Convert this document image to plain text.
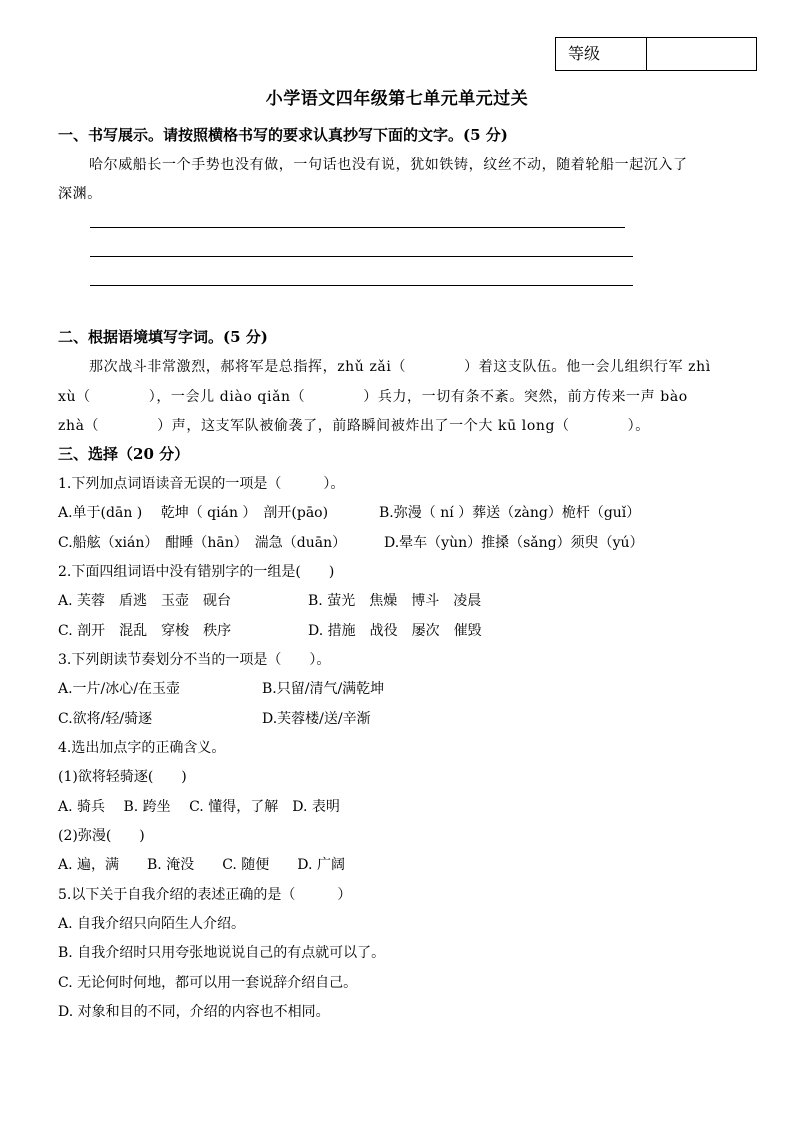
等级
小学语文四年级第七单元单元过关
一、书写展示。请按照横格书写的要求认真抄写下面的文字。(5 分)
哈尔威船长一个手势也没有做，一句话也没有说，犹如铁铸，纹丝不动，随着轮船一起沉入了
深渊。
二、根据语境填写字词。(5 分)
那次战斗非常激烈，郝将军是总指挥，zhǔ zǎi（	）着这支队伍。他一会儿组织行军 zhì
xù（	），一会儿 diào qiǎn（	）兵力，一切有条不紊。突然，前方传来一声 bào
zhà（	）声，这支军队被偷袭了，前路瞬间被炸出了一个大 kū long（	）。
三、选择（20 分）
1.下列加点词语读音无误的一项是（　　　）。
A.单于(dān )　 乾坤（ qián ）　剖开(pāo)	B.弥漫（ ní ）葬送（zàng）桅杆（guǐ）
C.船舷（xián）　酣睡（hān）　湍急（duān）	D.晕车（yùn）推搡（sǎng）须臾（yú）
2.下面四组词语中没有错别字的一组是(　　)
A. 芙蓉　盾逃　玉壶　砚台	B. 萤光　焦燥　博斗　凌晨
C. 剖开　混乱　穿梭　秩序	D. 措施　战役　屡次　催毁
3.下列朗读节奏划分不当的一项是（　　）。
A.一片/冰心/在玉壶	B.只留/清气/满乾坤
C.欲将/轻/骑逐	D.芙蓉楼/送/辛渐
4.选出加点字的正确含义。
(1)欲将轻骑逐(　　)
A. 骑兵　 B. 跨坐　 C. 懂得，了解　D. 表明
(2)弥漫(　　)
A. 遍，满　　B. 淹没　　C. 随便　　D. 广阔
5.以下关于自我介绍的表述正确的是（　　　）
A. 自我介绍只向陌生人介绍。
B. 自我介绍时只用夸张地说说自己的有点就可以了。
C. 无论何时何地，都可以用一套说辞介绍自己。
D. 对象和目的不同，介绍的内容也不相同。
